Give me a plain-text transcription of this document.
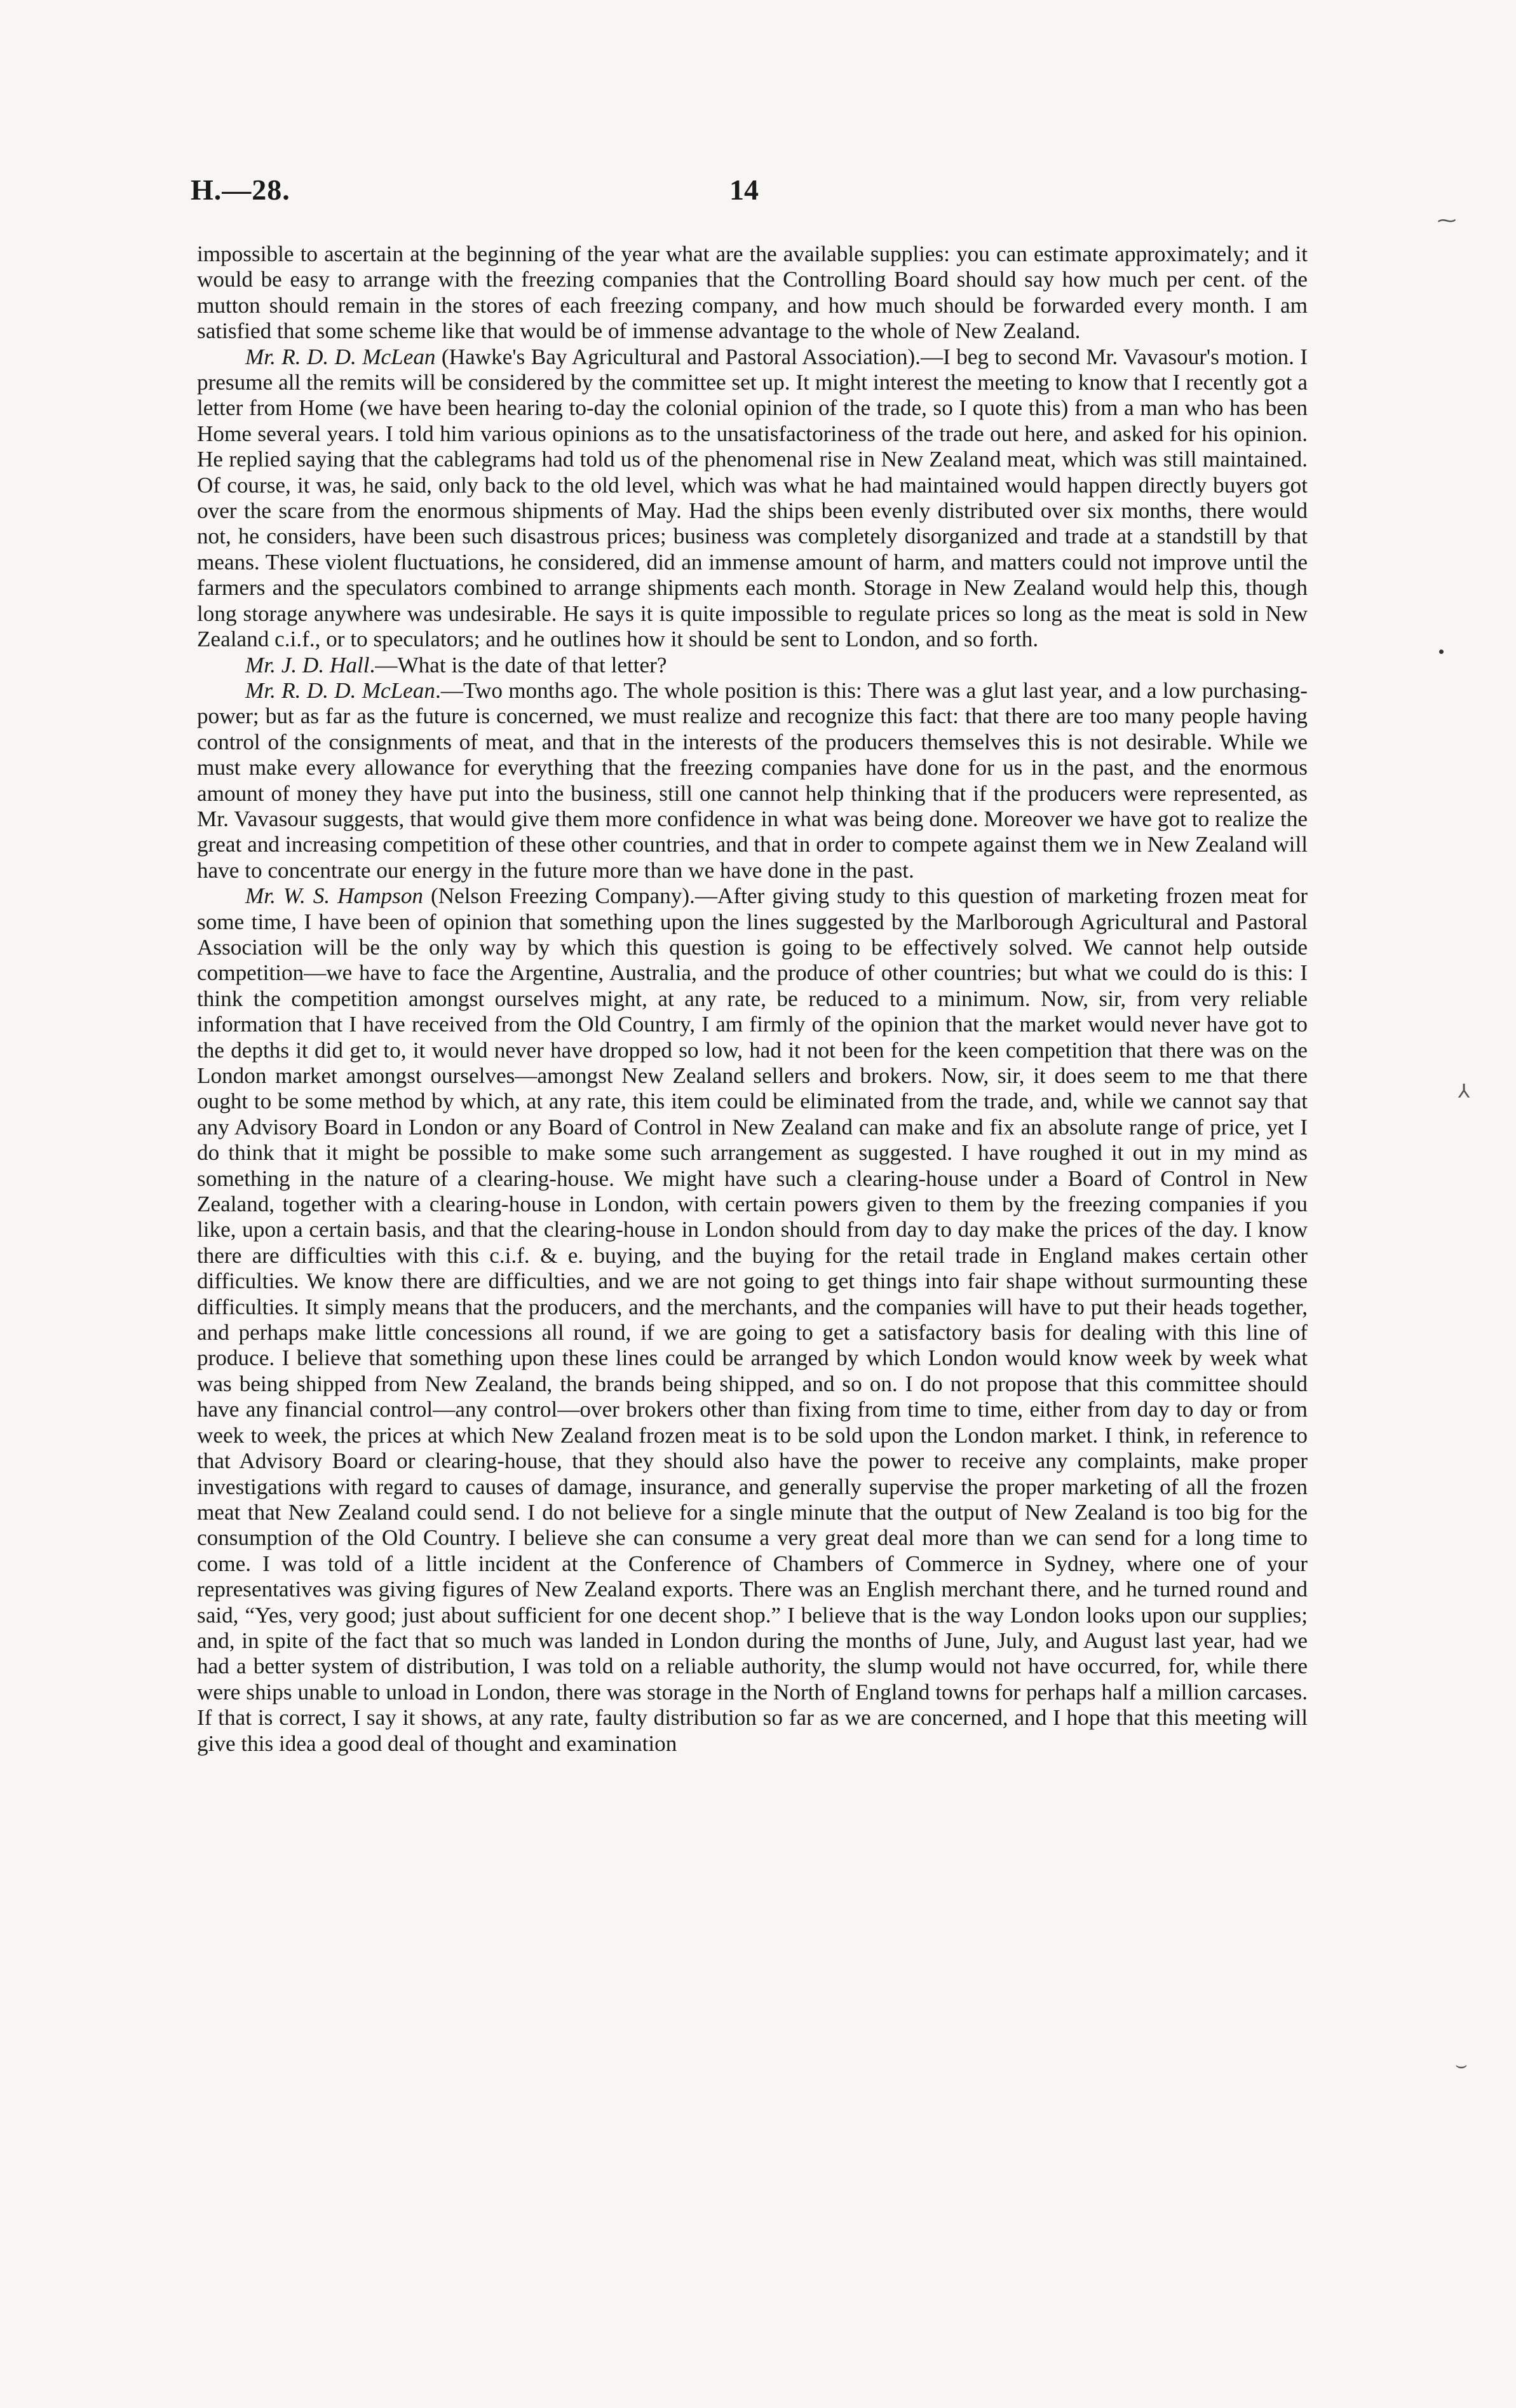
H.—28.	14
⁓
⅄
⌣

impossible to ascertain at the beginning of the year what are the available supplies: you can estimate approximately; and it would be easy to arrange with the freezing companies that the Controlling Board should say how much per cent. of the mutton should remain in the stores of each freezing company, and how much should be forwarded every month. I am satisfied that some scheme like that would be of immense advantage to the whole of New Zealand.

Mr. R. D. D. McLean (Hawke's Bay Agricultural and Pastoral Association).—I beg to second Mr. Vavasour's motion. I presume all the remits will be considered by the committee set up. It might interest the meeting to know that I recently got a letter from Home (we have been hearing to-day the colonial opinion of the trade, so I quote this) from a man who has been Home several years. I told him various opinions as to the unsatisfactoriness of the trade out here, and asked for his opinion. He replied saying that the cablegrams had told us of the phenomenal rise in New Zealand meat, which was still maintained. Of course, it was, he said, only back to the old level, which was what he had maintained would happen directly buyers got over the scare from the enormous shipments of May. Had the ships been evenly distributed over six months, there would not, he considers, have been such disastrous prices; business was completely disorganized and trade at a standstill by that means. These violent fluctuations, he considered, did an immense amount of harm, and matters could not improve until the farmers and the speculators combined to arrange shipments each month. Storage in New Zealand would help this, though long storage anywhere was undesirable. He says it is quite impossible to regulate prices so long as the meat is sold in New Zealand c.i.f., or to speculators; and he outlines how it should be sent to London, and so forth.

Mr. J. D. Hall.—What is the date of that letter?

Mr. R. D. D. McLean.—Two months ago. The whole position is this: There was a glut last year, and a low purchasing-power; but as far as the future is concerned, we must realize and recognize this fact: that there are too many people having control of the consignments of meat, and that in the interests of the producers themselves this is not desirable. While we must make every allowance for everything that the freezing companies have done for us in the past, and the enormous amount of money they have put into the business, still one cannot help thinking that if the producers were represented, as Mr. Vavasour suggests, that would give them more confidence in what was being done. Moreover we have got to realize the great and increasing competition of these other countries, and that in order to compete against them we in New Zealand will have to concentrate our energy in the future more than we have done in the past.

Mr. W. S. Hampson (Nelson Freezing Company).—After giving study to this question of marketing frozen meat for some time, I have been of opinion that something upon the lines suggested by the Marlborough Agricultural and Pastoral Association will be the only way by which this question is going to be effectively solved. We cannot help outside competition—we have to face the Argentine, Australia, and the produce of other countries; but what we could do is this: I think the competition amongst ourselves might, at any rate, be reduced to a minimum. Now, sir, from very reliable information that I have received from the Old Country, I am firmly of the opinion that the market would never have got to the depths it did get to, it would never have dropped so low, had it not been for the keen competition that there was on the London market amongst ourselves—amongst New Zealand sellers and brokers. Now, sir, it does seem to me that there ought to be some method by which, at any rate, this item could be eliminated from the trade, and, while we cannot say that any Advisory Board in London or any Board of Control in New Zealand can make and fix an absolute range of price, yet I do think that it might be possible to make some such arrangement as suggested. I have roughed it out in my mind as something in the nature of a clearing-house. We might have such a clearing-house under a Board of Control in New Zealand, together with a clearing-house in London, with certain powers given to them by the freezing companies if you like, upon a certain basis, and that the clearing-house in London should from day to day make the prices of the day. I know there are difficulties with this c.i.f. & e. buying, and the buying for the retail trade in England makes certain other difficulties. We know there are difficulties, and we are not going to get things into fair shape without surmounting these difficulties. It simply means that the producers, and the merchants, and the companies will have to put their heads together, and perhaps make little concessions all round, if we are going to get a satisfactory basis for dealing with this line of produce. I believe that something upon these lines could be arranged by which London would know week by week what was being shipped from New Zealand, the brands being shipped, and so on. I do not propose that this committee should have any financial control—any control—over brokers other than fixing from time to time, either from day to day or from week to week, the prices at which New Zealand frozen meat is to be sold upon the London market. I think, in reference to that Advisory Board or clearing-house, that they should also have the power to receive any complaints, make proper investigations with regard to causes of damage, insurance, and generally supervise the proper marketing of all the frozen meat that New Zealand could send. I do not believe for a single minute that the output of New Zealand is too big for the consumption of the Old Country. I believe she can consume a very great deal more than we can send for a long time to come. I was told of a little incident at the Conference of Chambers of Commerce in Sydney, where one of your representatives was giving figures of New Zealand exports. There was an English merchant there, and he turned round and said, “Yes, very good; just about sufficient for one decent shop.” I believe that is the way London looks upon our supplies; and, in spite of the fact that so much was landed in London during the months of June, July, and August last year, had we had a better system of distribution, I was told on a reliable authority, the slump would not have occurred, for, while there were ships unable to unload in London, there was storage in the North of England towns for perhaps half a million carcases. If that is correct, I say it shows, at any rate, faulty distribution so far as we are concerned, and I hope that this meeting will give this idea a good deal of thought and examination
